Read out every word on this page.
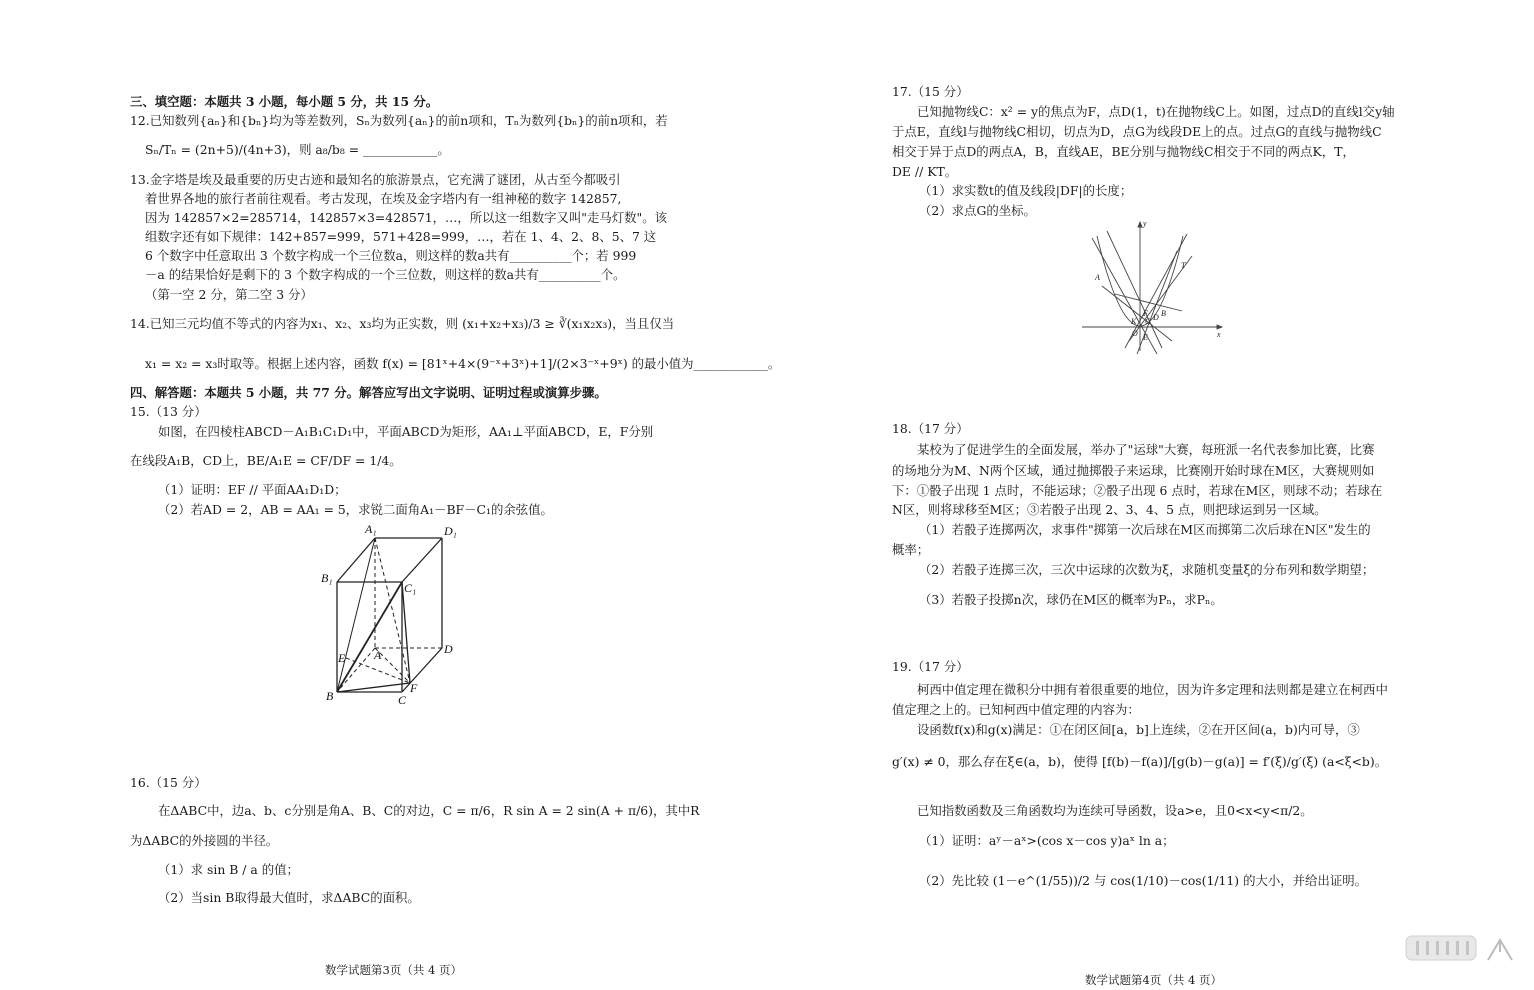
三、填空题：本题共 3 小题，每小题 5 分，共 15 分。
12.已知数列{aₙ}和{bₙ}均为等差数列，Sₙ为数列{aₙ}的前n项和，Tₙ为数列{bₙ}的前n项和，若
Sₙ/Tₙ = (2n+5)/(4n+3)，则 a₈/b₈ = ____________。
13.金字塔是埃及最重要的历史古迹和最知名的旅游景点，它充满了谜团，从古至今都吸引
着世界各地的旅行者前往观看。考古发现，在埃及金字塔内有一组神秘的数字 142857,
因为 142857×2=285714，142857×3=428571，…，所以这一组数字又叫"走马灯数"。该
组数字还有如下规律：142+857=999，571+428=999，…，若在 1、4、2、8、5、7 这
6 个数字中任意取出 3 个数字构成一个三位数a，则这样的数a共有__________个；若 999
－a 的结果恰好是剩下的 3 个数字构成的一个三位数，则这样的数a共有__________个。
（第一空 2 分，第二空 3 分）
14.已知三元均值不等式的内容为x₁、x₂、x₃均为正实数，则 (x₁+x₂+x₃)/3 ≥ ∛(x₁x₂x₃)，当且仅当
x₁ = x₂ = x₃时取等。根据上述内容，函数 f(x) = [81ˣ+4×(9⁻ˣ+3ˣ)+1]/(2×3⁻ˣ+9ˣ) 的最小值为____________。
四、解答题：本题共 5 小题，共 77 分。解答应写出文字说明、证明过程或演算步骤。
15.（13 分）
如图，在四棱柱ABCD－A₁B₁C₁D₁中，平面ABCD为矩形，AA₁⊥平面ABCD，E，F分别
在线段A₁B，CD上，BE/A₁E = CF/DF = 1/4。
（1）证明：EF // 平面AA₁D₁D；
（2）若AD = 2，AB = AA₁ = 5，求锐二面角A₁－BF－C₁的余弦值。
16.（15 分）
在ΔABC中，边a、b、c分别是角A、B、C的对边，C = π/6，R sin A = 2 sin(A + π/6)，其中R
为ΔABC的外接圆的半径。
（1）求 sin B / a 的值；
（2）当sin B取得最大值时，求ΔABC的面积。
A₁	D₁
B₁
C₁
E A	D
B
F
C
数学试题第3页（共 4 页）
17.（15 分）
已知抛物线C：x² = y的焦点为F，点D(1，t)在抛物线C上。如图，过点D的直线l交y轴
于点E，直线l与抛物线C相切，切点为D，点G为线段DE上的点。过点G的直线与抛物线C
相交于异于点D的两点A，B，直线AE，BE分别与抛物线C相交于不同的两点K，T，
DE // KT。
（1）求实数t的值及线段|DF|的长度；
（2）求点G的坐标。
18.（17 分）
某校为了促进学生的全面发展，举办了"运球"大赛，每班派一名代表参加比赛，比赛
的场地分为M、N两个区域，通过抛掷骰子来运球，比赛刚开始时球在M区，大赛规则如
下：①骰子出现 1 点时，不能运球；②骰子出现 6 点时，若球在M区，则球不动；若球在
N区，则将球移至M区；③若骰子出现 2、3、4、5 点，则把球运到另一区域。
（1）若骰子连掷两次，求事件"掷第一次后球在M区而掷第二次后球在N区"发生的
概率；
（2）若骰子连掷三次，三次中运球的次数为ξ，求随机变量ξ的分布列和数学期望；
（3）若骰子投掷n次，球仍在M区的概率为Pₙ，求Pₙ。
19.（17 分）
柯西中值定理在微积分中拥有着很重要的地位，因为许多定理和法则都是建立在柯西中
值定理之上的。已知柯西中值定理的内容为：
设函数f(x)和g(x)满足：①在闭区间[a，b]上连续，②在开区间(a，b)内可导，③
g′(x) ≠ 0，那么存在ξ∈(a，b)，使得 [f(b)－f(a)]/[g(b)－g(a)] = f′(ξ)/g′(ξ) (a<ξ<b)。
已知指数函数及三角函数均为连续可导函数，设a>e，且0<x<y<π/2。
（1）证明：aʸ－aˣ>(cos x－cos y)aˣ ln a；
（2）先比较 (1－e^(1/55))/2 与 cos(1/10)－cos(1/11) 的大小，并给出证明。
y
x
O
A
T
D
K
B
G
E
F
数学试题第4页（共 4 页）
